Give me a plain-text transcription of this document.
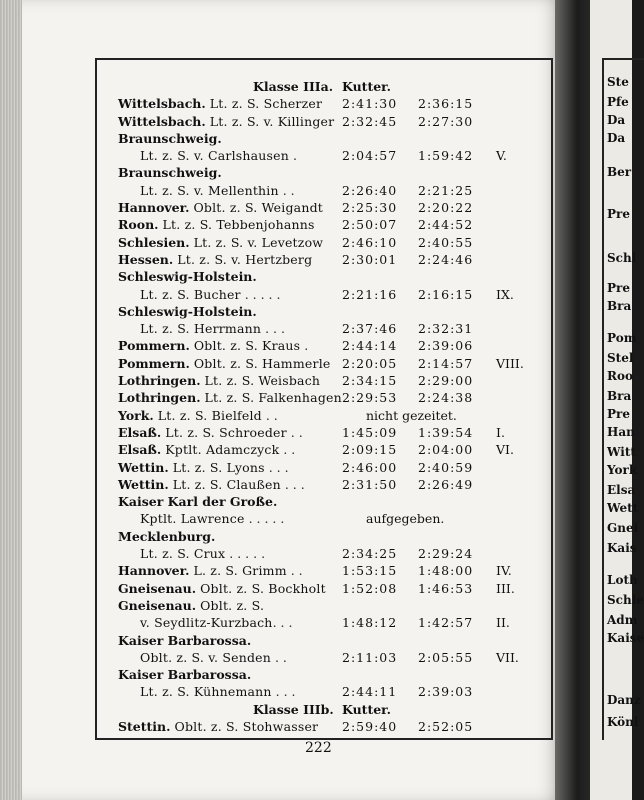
Ste
Pfe
Da
Da
Ber
Pre
Schl
Pre
Bra
Pom
Stel
Roo
Bra
Pre
Han
Witt
York
Elsa
Wett
Gnei
Kais
Loth
Schle
Adm
Kaise
Danz
Köni
Klasse IIIa. Kutter.
Wittelsbach. Lt. z. S. Scherzer 2:41:30 2:36:15
Wittelsbach. Lt. z. S. v. Killinger 2:32:45 2:27:30
Braunschweig.
Lt. z. S. v. Carlshausen .	2:04:57 1:59:42 V.
Braunschweig.
Lt. z. S. v. Mellenthin . .	2:26:40 2:21:25
Hannover. Oblt. z. S. Weigandt 2:25:30 2:20:22
Roon. Lt. z. S. Tebbenjohanns 2:50:07 2:44:52
Schlesien. Lt. z. S. v. Levetzow 2:46:10 2:40:55
Hessen. Lt. z. S. v. Hertzberg 2:30:01 2:24:46
Schleswig-Holstein.
Lt. z. S. Bucher . . . . .	2:21:16 2:16:15 IX.
Schleswig-Holstein.
Lt. z. S. Herrmann . . .	2:37:46 2:32:31
Pommern. Oblt. z. S. Kraus .	2:44:14 2:39:06
Pommern. Oblt. z. S. Hammerle 2:20:05 2:14:57 VIII.
Lothringen. Lt. z. S. Weisbach 2:34:15 2:29:00
Lothringen. Lt. z. S. Falkenhagen 2:29:53 2:24:38
York. Lt. z. S. Bielfeld . .	nicht gezeitet.
Elsaß. Lt. z. S. Schroeder . .	1:45:09 1:39:54 I.
Elsaß. Kptlt. Adamczyck . .	2:09:15 2:04:00 VI.
Wettin. Lt. z. S. Lyons . . .	2:46:00 2:40:59
Wettin. Lt. z. S. Claußen . . .	2:31:50 2:26:49
Kaiser Karl der Große.
Kptlt. Lawrence . . . . .	aufgegeben.
Mecklenburg.
Lt. z. S. Crux . . . . .	2:34:25 2:29:24
Hannover. L. z. S. Grimm . .	1:53:15 1:48:00 IV.
Gneisenau. Oblt. z. S. Bockholt 1:52:08 1:46:53 III.
Gneisenau. Oblt. z. S.
v. Seydlitz-Kurzbach. . .	1:48:12 1:42:57 II.
Kaiser Barbarossa.
Oblt. z. S. v. Senden . .	2:11:03 2:05:55 VII.
Kaiser Barbarossa.
Lt. z. S. Kühnemann . . .	2:44:11 2:39:03
Klasse IIIb. Kutter.
Stettin. Oblt. z. S. Stohwasser 2:59:40 2:52:05
222
